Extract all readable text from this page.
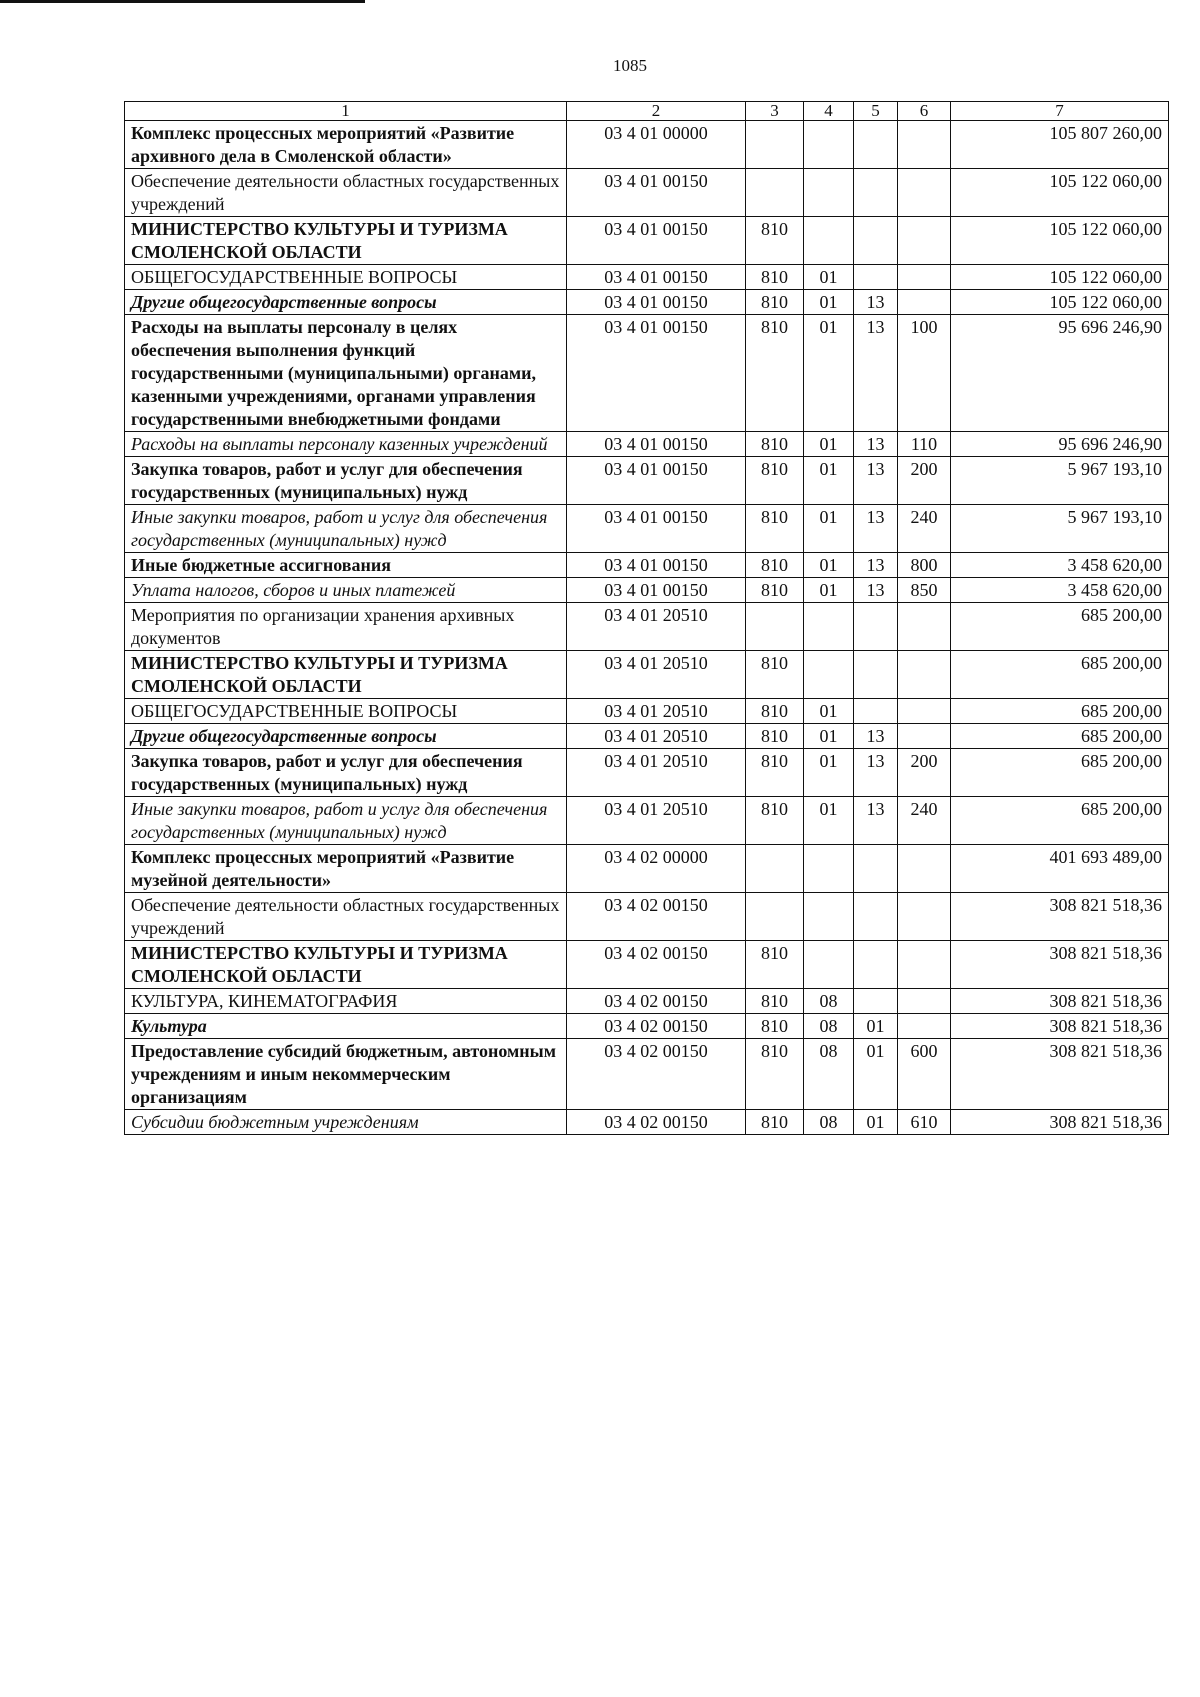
1085
1	2	3	4	5	6	7
Комплекс процессных мероприятий «Развитие архивного дела в Смоленской области»	03 4 01 00000					105 807 260,00
Обеспечение деятельности областных государственных учреждений	03 4 01 00150					105 122 060,00
МИНИСТЕРСТВО КУЛЬТУРЫ И ТУРИЗМА СМОЛЕНСКОЙ ОБЛАСТИ	03 4 01 00150	810				105 122 060,00
ОБЩЕГОСУДАРСТВЕННЫЕ ВОПРОСЫ	03 4 01 00150	810	01			105 122 060,00
Другие общегосударственные вопросы	03 4 01 00150	810	01	13		105 122 060,00
Расходы на выплаты персоналу в целях обеспечения выполнения функций государственными (муниципальными) органами, казенными учреждениями, органами управления государственными внебюджетными фондами	03 4 01 00150	810	01	13	100	95 696 246,90
Расходы на выплаты персоналу казенных учреждений	03 4 01 00150	810	01	13	110	95 696 246,90
Закупка товаров, работ и услуг для обеспечения государственных (муниципальных) нужд	03 4 01 00150	810	01	13	200	5 967 193,10
Иные закупки товаров, работ и услуг для обеспечения государственных (муниципальных) нужд	03 4 01 00150	810	01	13	240	5 967 193,10
Иные бюджетные ассигнования	03 4 01 00150	810	01	13	800	3 458 620,00
Уплата налогов, сборов и иных платежей	03 4 01 00150	810	01	13	850	3 458 620,00
Мероприятия по организации хранения архивных документов	03 4 01 20510					685 200,00
МИНИСТЕРСТВО КУЛЬТУРЫ И ТУРИЗМА СМОЛЕНСКОЙ ОБЛАСТИ	03 4 01 20510	810				685 200,00
ОБЩЕГОСУДАРСТВЕННЫЕ ВОПРОСЫ	03 4 01 20510	810	01			685 200,00
Другие общегосударственные вопросы	03 4 01 20510	810	01	13		685 200,00
Закупка товаров, работ и услуг для обеспечения государственных (муниципальных) нужд	03 4 01 20510	810	01	13	200	685 200,00
Иные закупки товаров, работ и услуг для обеспечения государственных (муниципальных) нужд	03 4 01 20510	810	01	13	240	685 200,00
Комплекс процессных мероприятий «Развитие музейной деятельности»	03 4 02 00000					401 693 489,00
Обеспечение деятельности областных государственных учреждений	03 4 02 00150					308 821 518,36
МИНИСТЕРСТВО КУЛЬТУРЫ И ТУРИЗМА СМОЛЕНСКОЙ ОБЛАСТИ	03 4 02 00150	810				308 821 518,36
КУЛЬТУРА, КИНЕМАТОГРАФИЯ	03 4 02 00150	810	08			308 821 518,36
Культура	03 4 02 00150	810	08	01		308 821 518,36
Предоставление субсидий бюджетным, автономным учреждениям и иным некоммерческим организациям	03 4 02 00150	810	08	01	600	308 821 518,36
Субсидии бюджетным учреждениям	03 4 02 00150	810	08	01	610	308 821 518,36
